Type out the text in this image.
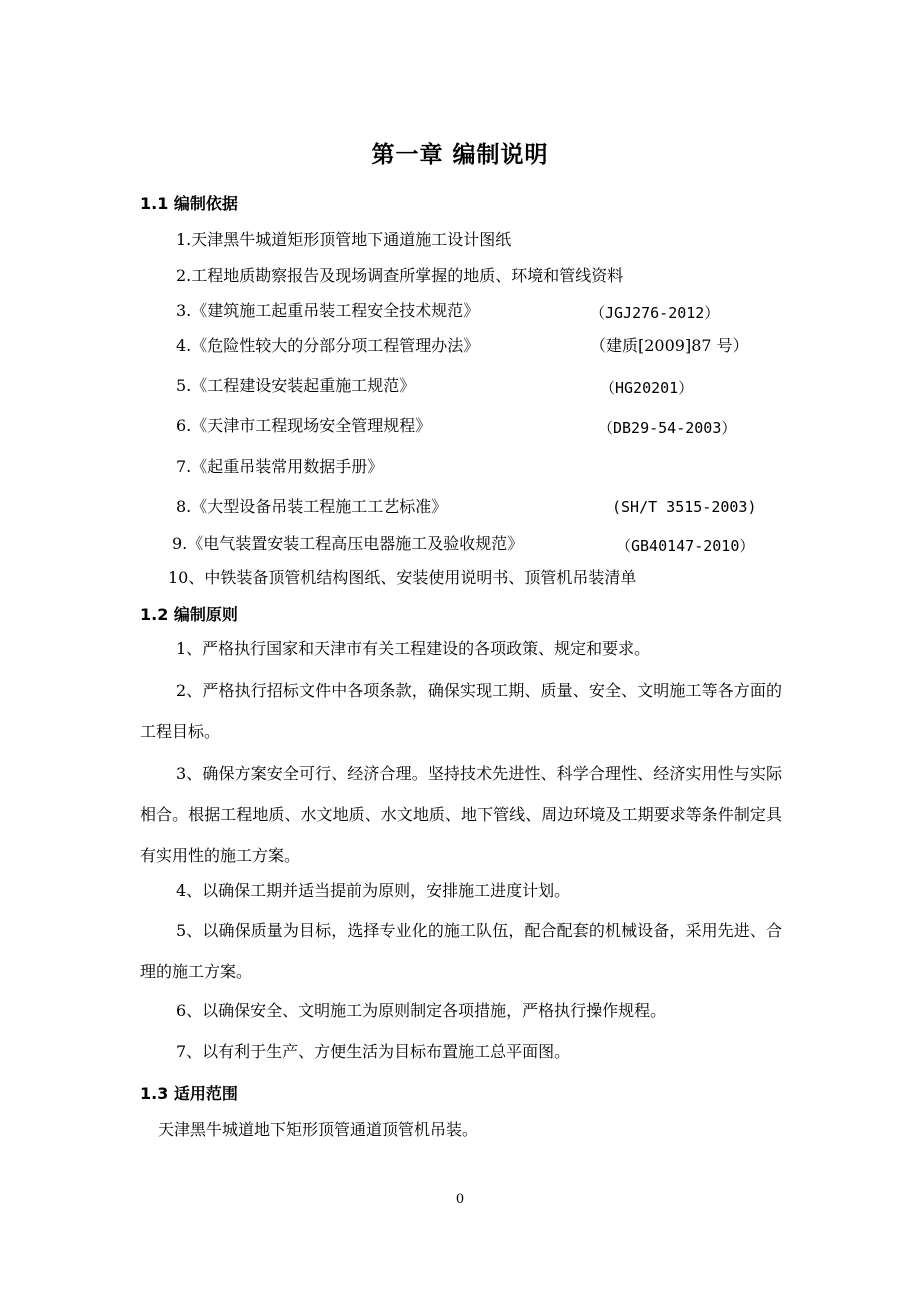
第一章 编制说明
1.1 编制依据
1.天津黑牛城道矩形顶管地下通道施工设计图纸
2.工程地质勘察报告及现场调查所掌握的地质、环境和管线资料
3.《建筑施工起重吊装工程安全技术规范》	（JGJ276-2012）
4.《危险性较大的分部分项工程管理办法》	（建质[2009]87 号）
5.《工程建设安装起重施工规范》	（HG20201）
6.《天津市工程现场安全管理规程》	（DB29-54-2003）
7.《起重吊装常用数据手册》
8.《大型设备吊装工程施工工艺标准》	(SH/T 3515-2003)
9.《电气装置安装工程高压电器施工及验收规范》	（GB40147-2010）
10、中铁装备顶管机结构图纸、安装使用说明书、顶管机吊装清单
1.2 编制原则
1、严格执行国家和天津市有关工程建设的各项政策、规定和要求。
2、严格执行招标文件中各项条款，确保实现工期、质量、安全、文明施工等各方面的工程目标。
3、确保方案安全可行、经济合理。坚持技术先进性、科学合理性、经济实用性与实际相合。根据工程地质、水文地质、水文地质、地下管线、周边环境及工期要求等条件制定具有实用性的施工方案。
4、以确保工期并适当提前为原则，安排施工进度计划。
5、以确保质量为目标，选择专业化的施工队伍，配合配套的机械设备，采用先进、合理的施工方案。
6、以确保安全、文明施工为原则制定各项措施，严格执行操作规程。
7、以有利于生产、方便生活为目标布置施工总平面图。
1.3 适用范围
天津黑牛城道地下矩形顶管通道顶管机吊装。
0
